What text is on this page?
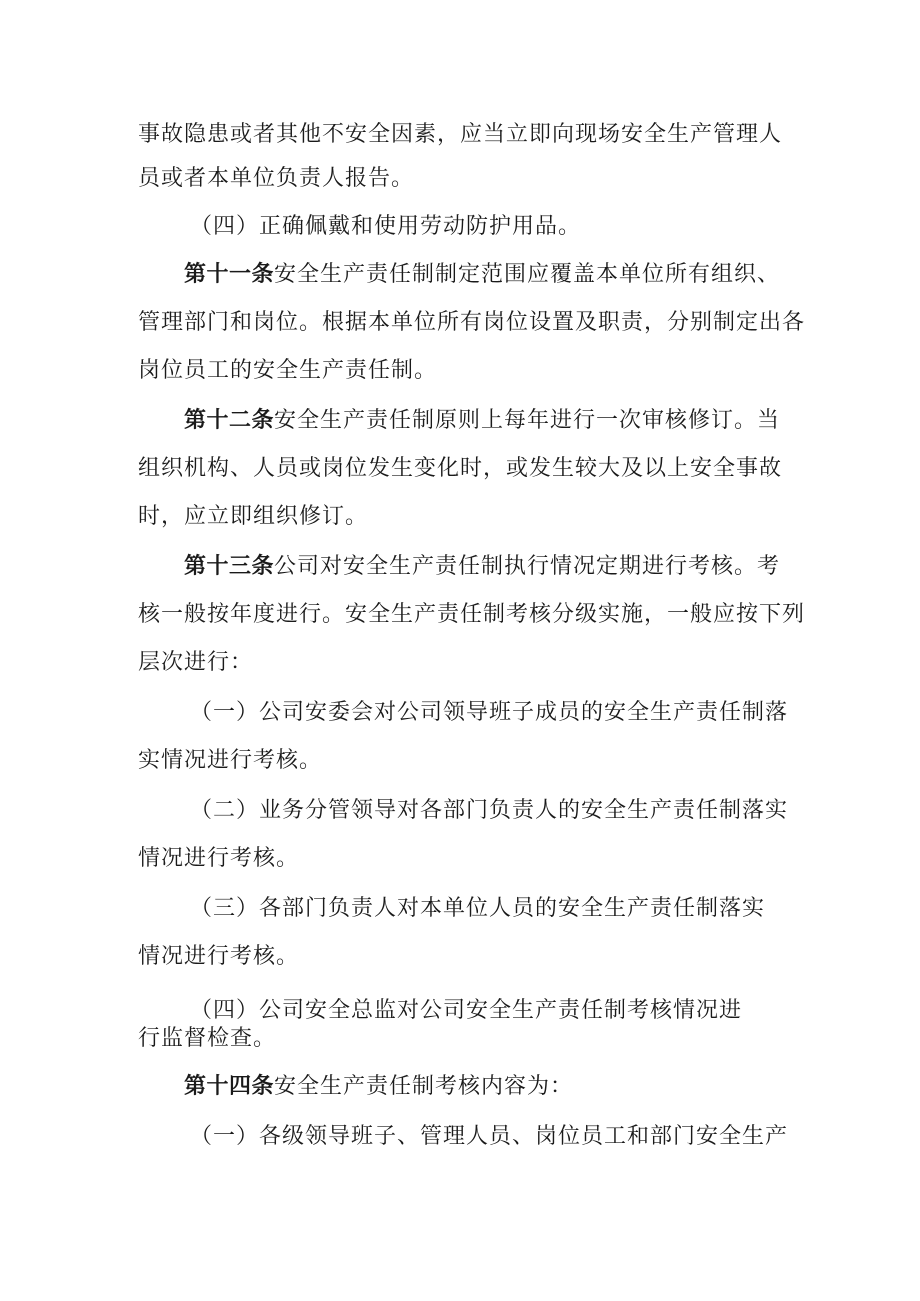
事故隐患或者其他不安全因素，应当立即向现场安全生产管理人
员或者本单位负责人报告。
（四）正确佩戴和使用劳动防护用品。
第十一条安全生产责任制制定范围应覆盖本单位所有组织、
管理部门和岗位。根据本单位所有岗位设置及职责，分别制定出各
岗位员工的安全生产责任制。
第十二条安全生产责任制原则上每年进行一次审核修订。当
组织机构、人员或岗位发生变化时，或发生较大及以上安全事故
时，应立即组织修订。
第十三条公司对安全生产责任制执行情况定期进行考核。考
核一般按年度进行。安全生产责任制考核分级实施，一般应按下列
层次进行：
（一）公司安委会对公司领导班子成员的安全生产责任制落
实情况进行考核。
（二）业务分管领导对各部门负责人的安全生产责任制落实
情况进行考核。
（三）各部门负责人对本单位人员的安全生产责任制落实
情况进行考核。
（四）公司安全总监对公司安全生产责任制考核情况进
行监督检查。
第十四条安全生产责任制考核内容为：
（一）各级领导班子、管理人员、岗位员工和部门安全生产
